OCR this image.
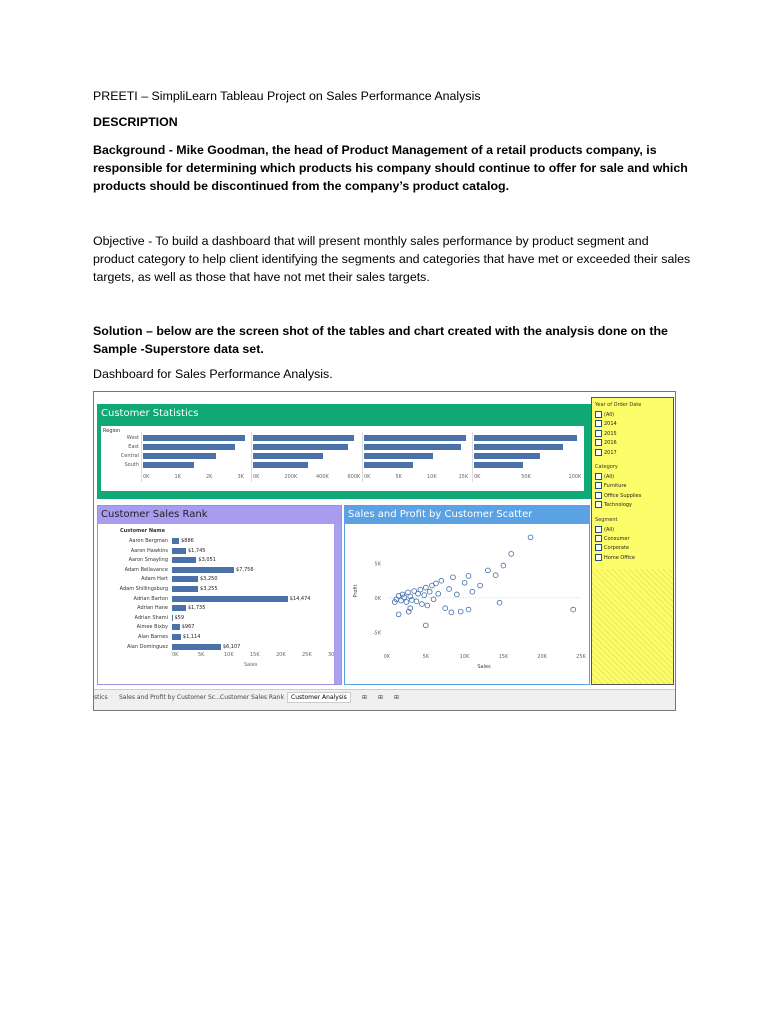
PREETI – SimpliLearn Tableau Project on Sales Performance Analysis
DESCRIPTION
Background - Mike Goodman, the head of Product Management of a retail products company, is responsible for determining which products his company should continue to offer for sale and which products should be discontinued from the company’s product catalog.
Objective - To build a dashboard that will present monthly sales performance by product segment and product category to help client identifying the segments and categories that have met or exceeded their sales targets, as well as those that have not met their sales targets.
Solution – below are the screen shot of the tables and chart created with the analysis done on the Sample -Superstore data set.
Dashboard for Sales Performance Analysis.
Customer Statistics
Region
West
East
Central
South
0K	1K	2K	3K 0K	200K	400K	600K 0K	5K	10K	15K 0K	50K	100K
Customer Sales Rank
Customer Name
Aaron Bergman	$886
Aaron Hawkins	$1,745
Aaron Smayling	$3,051
Adam Bellavance	$7,756
Adam Hart	$3,250
Adam Shillingsburg	$3,255
Adrian Barton	$14,474
Adrian Hane	$1,735
Adrian Shami $59
Aimee Bixby	$967
Alan Barnes	$1,114
Alan Dominguez	$6,107
0K	5K	10K	15K	20K	25K	30
Sales
Sales and Profit by Customer Scatter
5K
0K
-5K
0K	5K	10K	15K	20K	25K
Sales
Profit
Year of Order Date
(All)
2014
2015
2016
2017
Category
(All)
Furniture
Office Supplies
Technology
Segment
(All)
Consumer
Corporate
Home Office
stics Sales and Profit by Customer Sc... Customer Sales Rank	Customer Analysis	⊞ ⊞ ⊞
